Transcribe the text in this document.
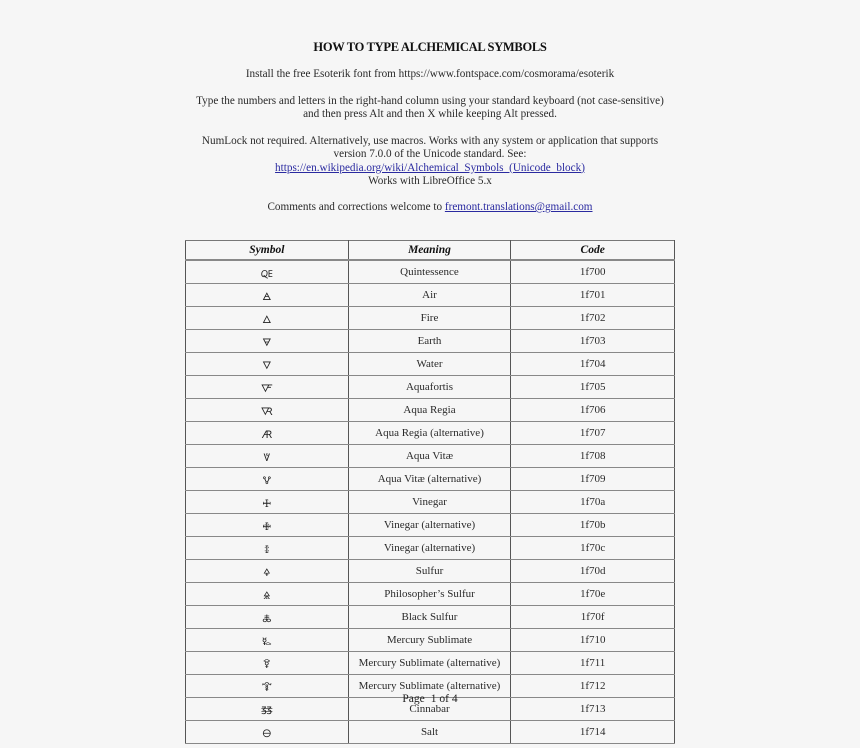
HOW TO TYPE ALCHEMICAL SYMBOLS
Install the free Esoterik font from https://www.fontspace.com/cosmorama/esoterik
Type the numbers and letters in the right-hand column using your standard keyboard (not case-sensitive)
and then press Alt and then X while keeping Alt pressed.
NumLock not required. Alternatively, use macros. Works with any system or application that supports
version 7.0.0 of the Unicode standard. See:
https://en.wikipedia.org/wiki/Alchemical_Symbols_(Unicode_block)
Works with LibreOffice 5.x
Comments and corrections welcome to fremont.translations@gmail.com
Symbol	Meaning	Code
🜀	Quintessence	1f700
🜁	Air	1f701
🜂	Fire	1f702
🜃	Earth	1f703
🜄	Water	1f704
🜅	Aquafortis	1f705
🜆	Aqua Regia	1f706
🜇	Aqua Regia (alternative)	1f707
🜈	Aqua Vitæ	1f708
🜉	Aqua Vitæ (alternative)	1f709
🜊	Vinegar	1f70a
🜋	Vinegar (alternative)	1f70b
🜌	Vinegar (alternative)	1f70c
🜍	Sulfur	1f70d
🜎	Philosopher’s Sulfur	1f70e
🜏	Black Sulfur	1f70f
🜐	Mercury Sublimate	1f710
🜑	Mercury Sublimate (alternative)	1f711
🜒	Mercury Sublimate (alternative)	1f712
🜓	Cinnabar	1f713
🜔	Salt	1f714
Page 1 of 4
